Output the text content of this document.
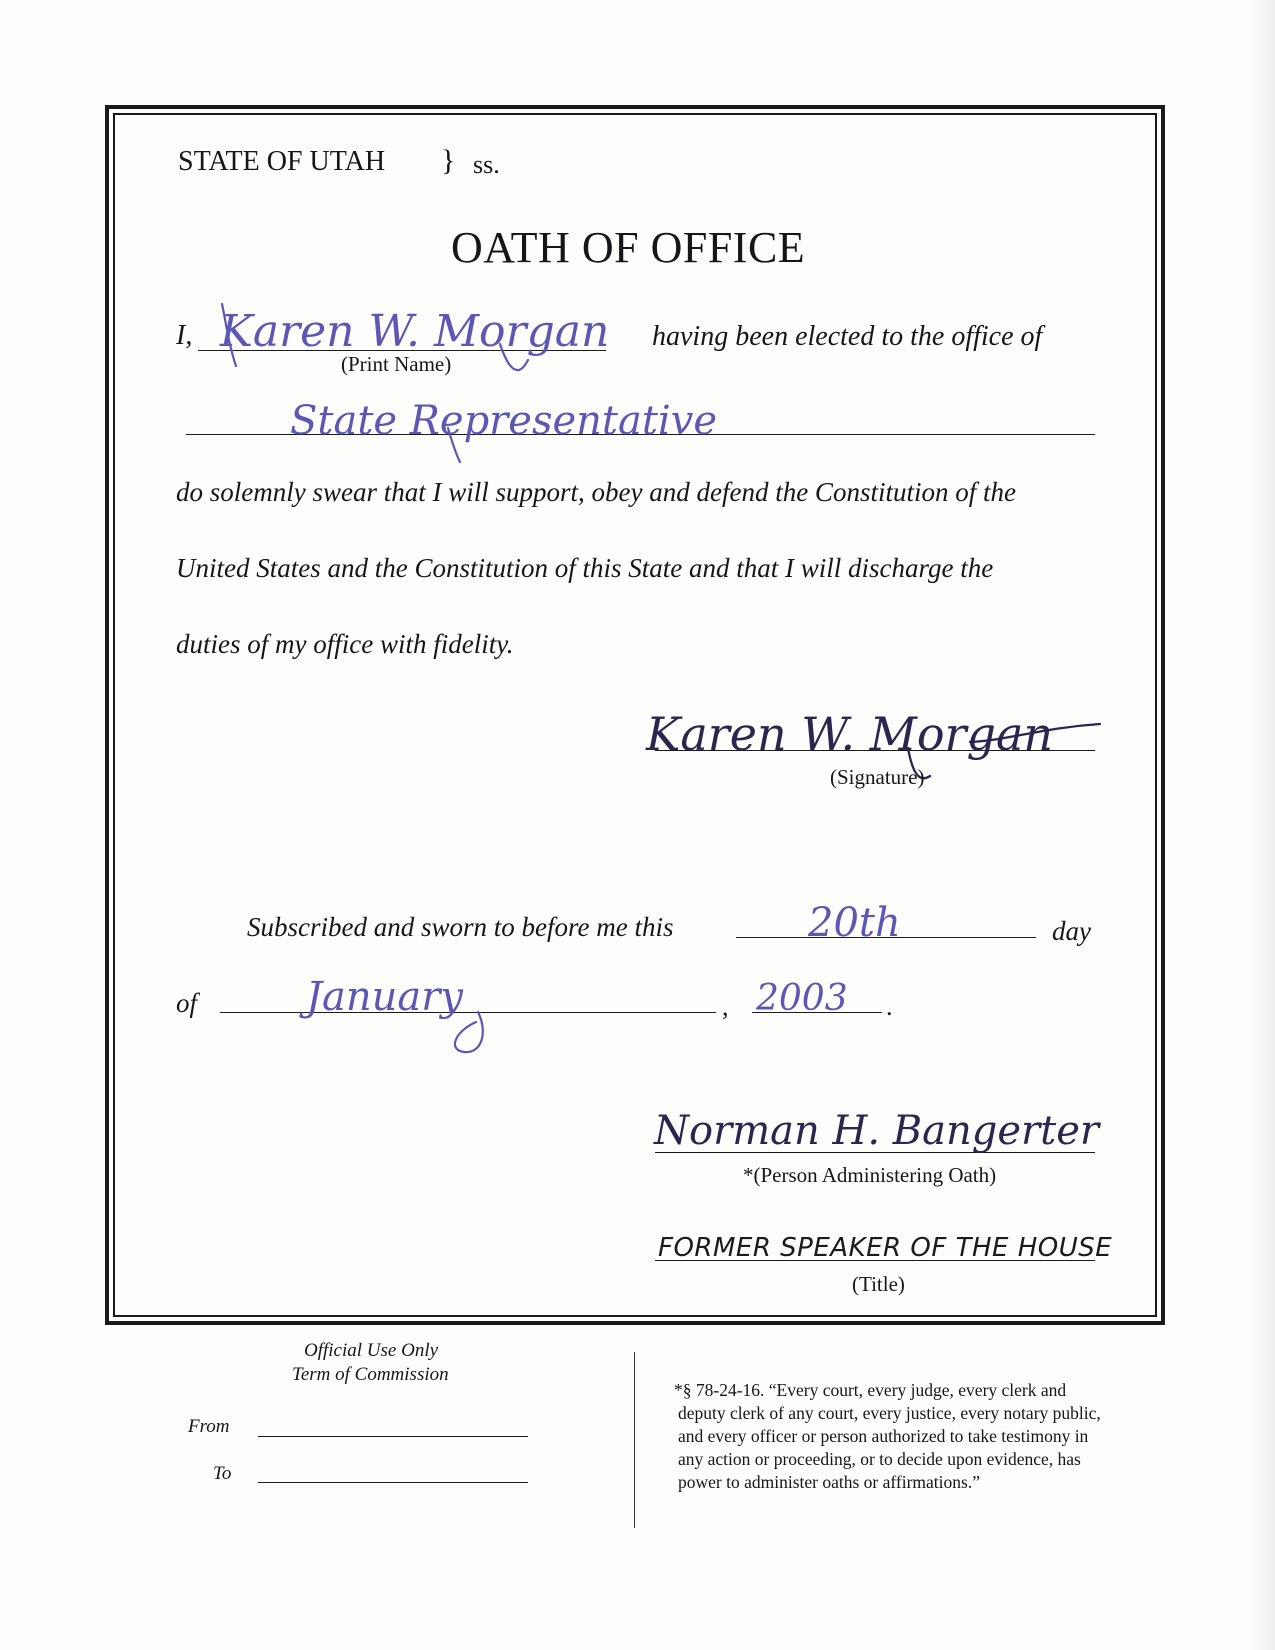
STATE OF UTAH } ss.
OATH OF OFFICE
I, Karen W. Morgan
(Print Name)
having been elected to the office of
State Representative
do solemnly swear that I will support, obey and defend the Constitution of the
United States and the Constitution of this State and that I will discharge the
duties of my office with fidelity.
Karen W. Morgan
(Signature)
Subscribed and sworn to before me this	20th	day
of	January	, 2003 .
Norman H. Bangerter
*(Person Administering Oath)
FORMER SPEAKER OF THE HOUSE
(Title)
Official Use Only
Term of Commission
From
To
*§ 78-24-16. “Every court, every judge, every clerk and
deputy clerk of any court, every justice, every notary public,
and every officer or person authorized to take testimony in
any action or proceeding, or to decide upon evidence, has
power to administer oaths or affirmations.”
